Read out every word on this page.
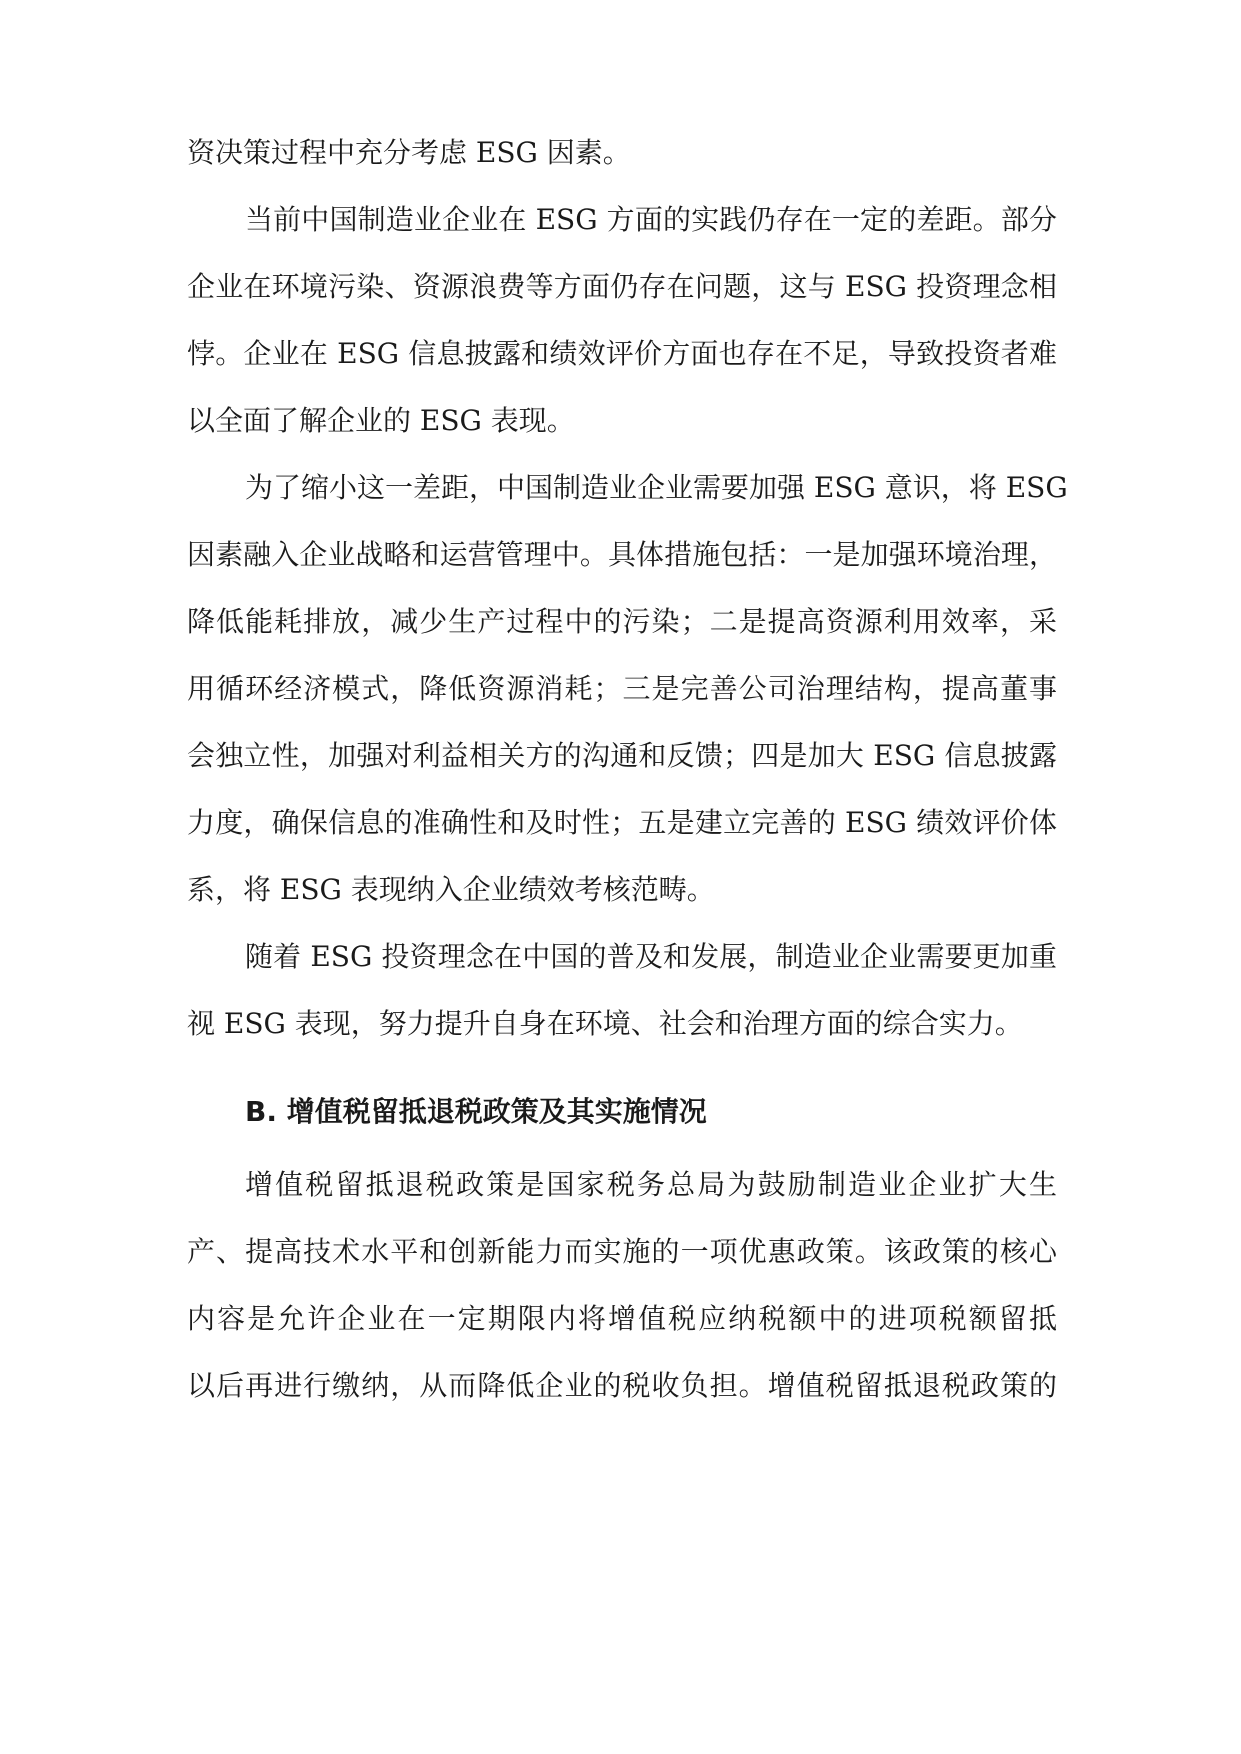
资决策过程中充分考虑 ESG 因素。
当前中国制造业企业在 ESG 方面的实践仍存在一定的差距。部分
企业在环境污染、资源浪费等方面仍存在问题，这与 ESG 投资理念相
悖。企业在 ESG 信息披露和绩效评价方面也存在不足，导致投资者难
以全面了解企业的 ESG 表现。
为了缩小这一差距，中国制造业企业需要加强 ESG 意识，将 ESG
因素融入企业战略和运营管理中。具体措施包括：一是加强环境治理，
降低能耗排放，减少生产过程中的污染；二是提高资源利用效率，采
用循环经济模式，降低资源消耗；三是完善公司治理结构，提高董事
会独立性，加强对利益相关方的沟通和反馈；四是加大 ESG 信息披露
力度，确保信息的准确性和及时性；五是建立完善的 ESG 绩效评价体
系，将 ESG 表现纳入企业绩效考核范畴。
随着 ESG 投资理念在中国的普及和发展，制造业企业需要更加重
视 ESG 表现，努力提升自身在环境、社会和治理方面的综合实力。
B. 增值税留抵退税政策及其实施情况
增值税留抵退税政策是国家税务总局为鼓励制造业企业扩大生
产、提高技术水平和创新能力而实施的一项优惠政策。该政策的核心
内容是允许企业在一定期限内将增值税应纳税额中的进项税额留抵
以后再进行缴纳，从而降低企业的税收负担。增值税留抵退税政策的
